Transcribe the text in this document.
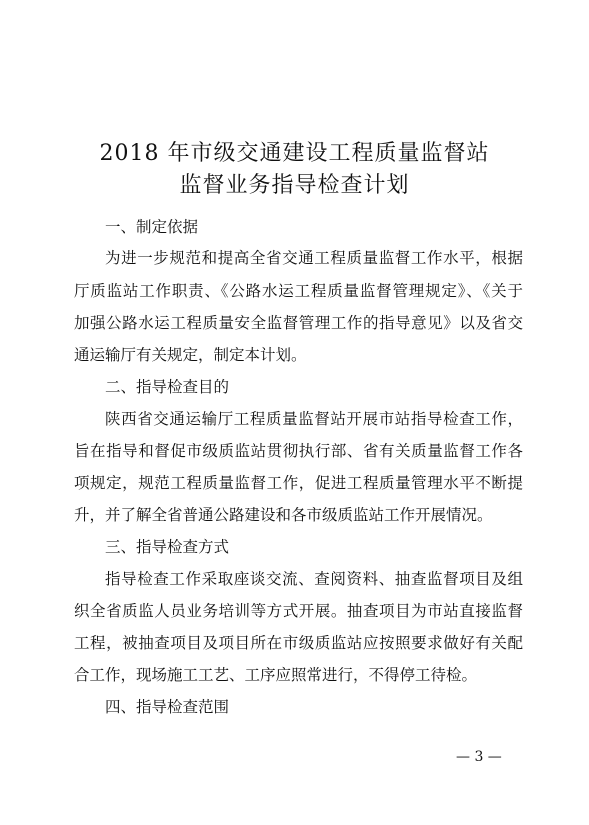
2018 年市级交通建设工程质量监督站
监督业务指导检查计划

一、制定依据

为进一步规范和提高全省交通工程质量监督工作水平，根据

厅质监站工作职责、《公路水运工程质量监督管理规定》、《关于

加强公路水运工程质量安全监督管理工作的指导意见》以及省交

通运输厅有关规定，制定本计划。

二、指导检查目的

陕西省交通运输厅工程质量监督站开展市站指导检查工作，

旨在指导和督促市级质监站贯彻执行部、省有关质量监督工作各

项规定，规范工程质量监督工作，促进工程质量管理水平不断提

升，并了解全省普通公路建设和各市级质监站工作开展情况。

三、指导检查方式

指导检查工作采取座谈交流、查阅资料、抽查监督项目及组

织全省质监人员业务培训等方式开展。抽查项目为市站直接监督

工程，被抽查项目及项目所在市级质监站应按照要求做好有关配

合工作，现场施工工艺、工序应照常进行，不得停工待检。

四、指导检查范围

— 3 —
